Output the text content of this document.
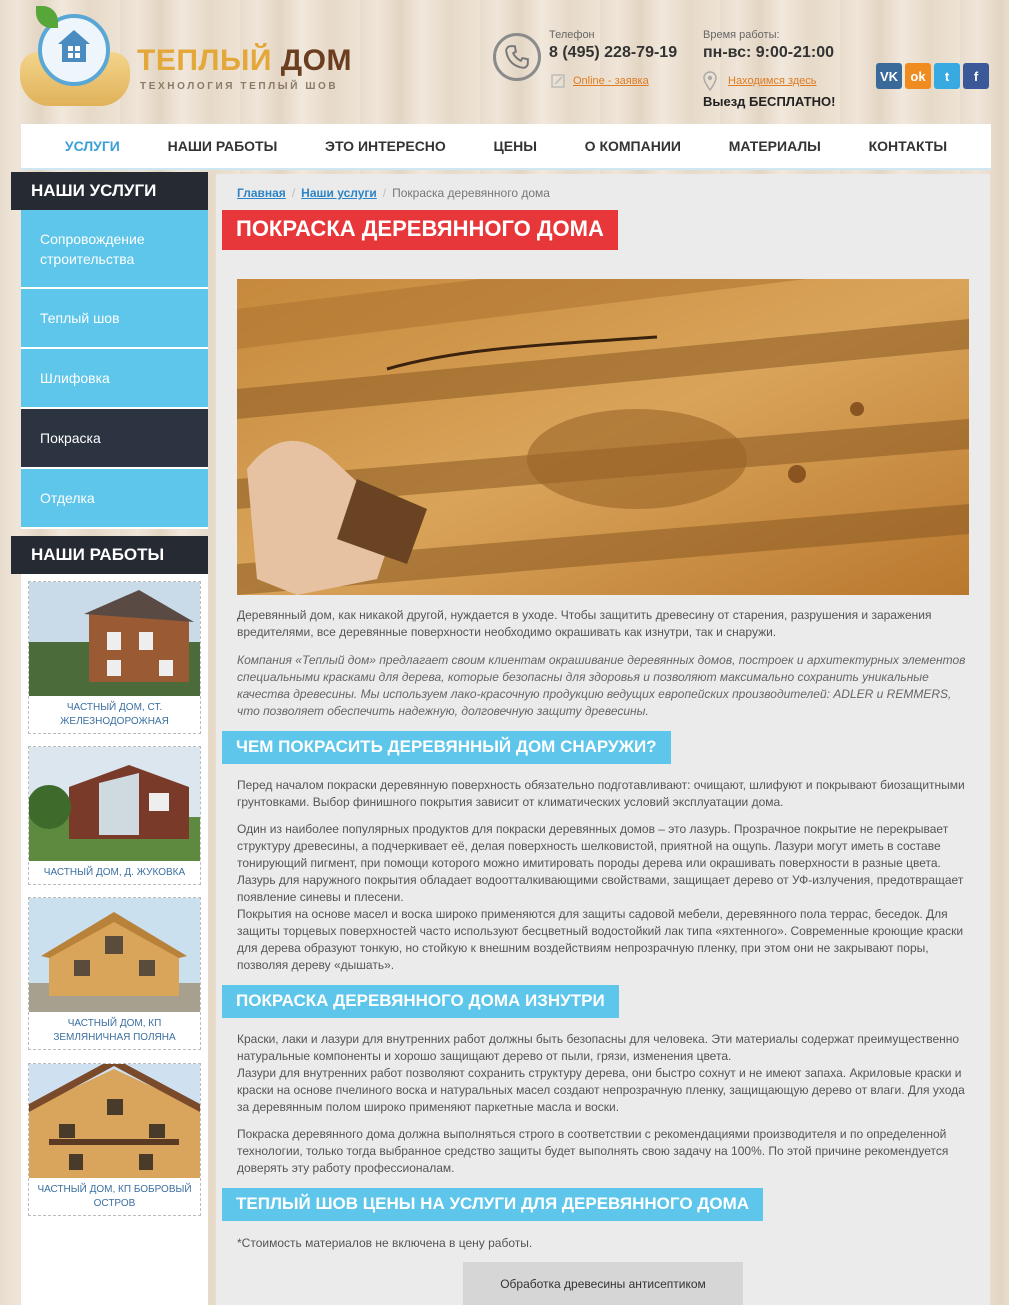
ТЕПЛЫЙ ДОМ
ТЕХНОЛОГИЯ ТЕПЛЫЙ ШОВ
Телефон
8 (495) 228-79-19
Online - заявка
Время работы:
пн-вс: 9:00-21:00
Находимся здесь
Выезд БЕСПЛАТНО!
VK ok	t	f
УСЛУГИ	НАШИ РАБОТЫ	ЭТО ИНТЕРЕСНО	ЦЕНЫ	О КОМПАНИИ	МАТЕРИАЛЫ	КОНТАКТЫ
НАШИ УСЛУГИ
Сопровождение строительства
Теплый шов
Шлифовка
Покраска
Отделка
НАШИ РАБОТЫ
ЧАСТНЫЙ ДОМ, СТ. ЖЕЛЕЗНОДОРОЖНАЯ
ЧАСТНЫЙ ДОМ, Д. ЖУКОВКА
ЧАСТНЫЙ ДОМ, КП ЗЕМЛЯНИЧНАЯ ПОЛЯНА
ЧАСТНЫЙ ДОМ, КП БОБРОВЫЙ ОСТРОВ
Главная / Наши услуги / Покраска деревянного дома
ПОКРАСКА ДЕРЕВЯННОГО ДОМА
Деревянный дом, как никакой другой, нуждается в уходе. Чтобы защитить древесину от старения, разрушения и заражения вредителями, все деревянные поверхности необходимо окрашивать как изнутри, так и снаружи.
Компания «Теплый дом» предлагает своим клиентам окрашивание деревянных домов, построек и архитектурных элементов специальными красками для дерева, которые безопасны для здоровья и позволяют максимально сохранить уникальные качества древесины. Мы используем лако-красочную продукцию ведущих европейских производителей: ADLER и REMMERS, что позволяет обеспечить надежную, долговечную защиту древесины.
ЧЕМ ПОКРАСИТЬ ДЕРЕВЯННЫЙ ДОМ СНАРУЖИ?
Перед началом покраски деревянную поверхность обязательно подготавливают: очищают, шлифуют и покрывают биозащитными грунтовками. Выбор финишного покрытия зависит от климатических условий эксплуатации дома.
Один из наиболее популярных продуктов для покраски деревянных домов – это лазурь. Прозрачное покрытие не перекрывает структуру древесины, а подчеркивает её, делая поверхность шелковистой, приятной на ощупь. Лазури могут иметь в составе тонирующий пигмент, при помощи которого можно имитировать породы дерева или окрашивать поверхности в разные цвета. Лазурь для наружного покрытия обладает водоотталкивающими свойствами, защищает дерево от УФ-излучения, предотвращает появление синевы и плесени.
Покрытия на основе масел и воска широко применяются для защиты садовой мебели, деревянного пола террас, беседок. Для защиты торцевых поверхностей часто используют бесцветный водостойкий лак типа «яхтенного». Современные кроющие краски для дерева образуют тонкую, но стойкую к внешним воздействиям непрозрачную пленку, при этом они не закрывают поры, позволяя дереву «дышать».
ПОКРАСКА ДЕРЕВЯННОГО ДОМА ИЗНУТРИ
Краски, лаки и лазури для внутренних работ должны быть безопасны для человека. Эти материалы содержат преимущественно натуральные компоненты и хорошо защищают дерево от пыли, грязи, изменения цвета.
Лазури для внутренних работ позволяют сохранить структуру дерева, они быстро сохнут и не имеют запаха. Акриловые краски и краски на основе пчелиного воска и натуральных масел создают непрозрачную пленку, защищающую дерево от влаги. Для ухода за деревянным полом широко применяют паркетные масла и воски.
Покраска деревянного дома должна выполняться строго в соответствии с рекомендациями производителя и по определенной технологии, только тогда выбранное средство защиты будет выполнять свою задачу на 100%. По этой причине рекомендуется доверять эту работу профессионалам.
ТЕПЛЫЙ ШОВ ЦЕНЫ НА УСЛУГИ ДЛЯ ДЕРЕВЯННОГО ДОМА
*Стоимость материалов не включена в цену работы.
Обработка древесины антисептиком
